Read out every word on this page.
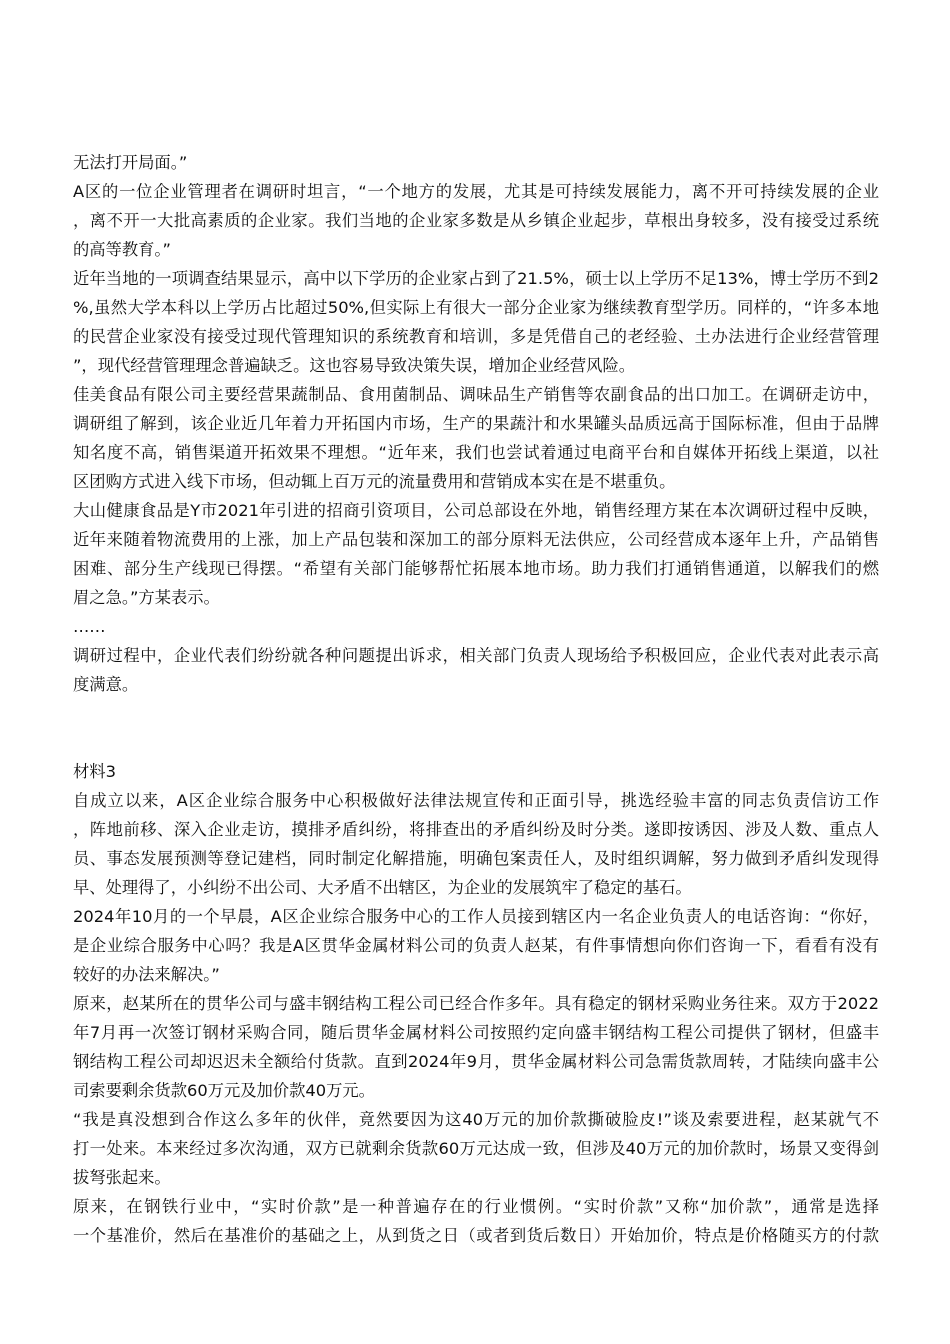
无法打开局面。”
A区的一位企业管理者在调研时坦言，“一个地方的发展，尤其是可持续发展能力，离不开可持续发展的企业
，离不开一大批高素质的企业家。我们当地的企业家多数是从乡镇企业起步，草根出身较多，没有接受过系统
的高等教育。”
近年当地的一项调查结果显示，高中以下学历的企业家占到了21.5%，硕士以上学历不足13%，博士学历不到2
%,虽然大学本科以上学历占比超过50%,但实际上有很大一部分企业家为继续教育型学历。同样的，“许多本地
的民营企业家没有接受过现代管理知识的系统教育和培训，多是凭借自己的老经验、土办法进行企业经营管理
”，现代经营管理理念普遍缺乏。这也容易导致决策失误，增加企业经营风险。
佳美食品有限公司主要经营果蔬制品、食用菌制品、调味品生产销售等农副食品的出口加工。在调研走访中，
调研组了解到，该企业近几年着力开拓国内市场，生产的果蔬汁和水果罐头品质远高于国际标准，但由于品牌
知名度不高，销售渠道开拓效果不理想。“近年来，我们也尝试着通过电商平台和自媒体开拓线上渠道，以社
区团购方式进入线下市场，但动辄上百万元的流量费用和营销成本实在是不堪重负。
大山健康食品是Y市2021年引进的招商引资项目，公司总部设在外地，销售经理方某在本次调研过程中反映，
近年来随着物流费用的上涨，加上产品包装和深加工的部分原料无法供应，公司经营成本逐年上升，产品销售
困难、部分生产线现已得摆。“希望有关部门能够帮忙拓展本地市场。助力我们打通销售通道，以解我们的燃
眉之急。”方某表示。
……
调研过程中，企业代表们纷纷就各种问题提出诉求，相关部门负责人现场给予积极回应，企业代表对此表示高
度满意。
材料3
自成立以来，A区企业综合服务中心积极做好法律法规宣传和正面引导，挑选经验丰富的同志负责信访工作
，阵地前移、深入企业走访，摸排矛盾纠纷，将排查出的矛盾纠纷及时分类。遂即按诱因、涉及人数、重点人
员、事态发展预测等登记建档，同时制定化解措施，明确包案责任人，及时组织调解，努力做到矛盾纠发现得
早、处理得了，小纠纷不出公司、大矛盾不出辖区，为企业的发展筑牢了稳定的基石。
2024年10月的一个早晨，A区企业综合服务中心的工作人员接到辖区内一名企业负责人的电话咨询：“你好，
是企业综合服务中心吗？我是A区贯华金属材料公司的负责人赵某，有件事情想向你们咨询一下，看看有没有
较好的办法来解决。”
原来，赵某所在的贯华公司与盛丰钢结构工程公司已经合作多年。具有稳定的钢材采购业务往来。双方于2022
年7月再一次签订钢材采购合同，随后贯华金属材料公司按照约定向盛丰钢结构工程公司提供了钢材，但盛丰
钢结构工程公司却迟迟未全额给付货款。直到2024年9月，贯华金属材料公司急需货款周转，才陆续向盛丰公
司索要剩余货款60万元及加价款40万元。
“我是真没想到合作这么多年的伙伴，竟然要因为这40万元的加价款撕破脸皮!”谈及索要进程，赵某就气不
打一处来。本来经过多次沟通，双方已就剩余货款60万元达成一致，但涉及40万元的加价款时，场景又变得剑
拔弩张起来。
原来，在钢铁行业中，“实时价款”是一种普遍存在的行业惯例。“实时价款”又称“加价款”，通常是选择
一个基准价，然后在基准价的基础之上，从到货之日（或者到货后数日）开始加价，特点是价格随买方的付款
